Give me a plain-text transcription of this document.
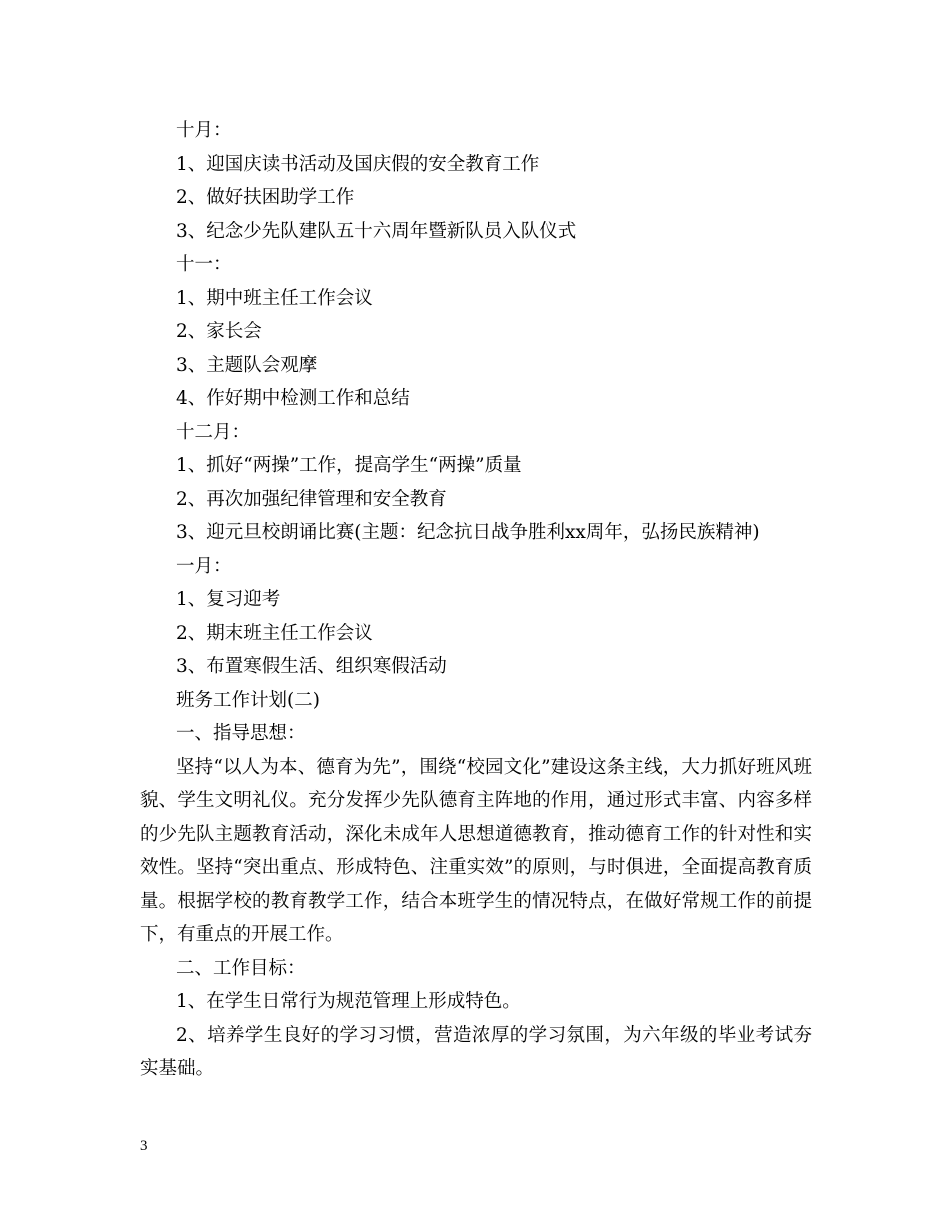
十月：
1、迎国庆读书活动及国庆假的安全教育工作
2、做好扶困助学工作
3、纪念少先队建队五十六周年暨新队员入队仪式
十一：
1、期中班主任工作会议
2、家长会
3、主题队会观摩
4、作好期中检测工作和总结
十二月：
1、抓好“两操”工作，提高学生“两操”质量
2、再次加强纪律管理和安全教育
3、迎元旦校朗诵比赛(主题：纪念抗日战争胜利xx周年，弘扬民族精神)
一月：
1、复习迎考
2、期末班主任工作会议
3、布置寒假生活、组织寒假活动
班务工作计划(二)
一、指导思想：

坚持“以人为本、德育为先”，围绕“校园文化”建设这条主线，大力抓好班风班貌、学生文明礼仪。充分发挥少先队德育主阵地的作用，通过形式丰富、内容多样的少先队主题教育活动，深化未成年人思想道德教育，推动德育工作的针对性和实效性。坚持“突出重点、形成特色、注重实效”的原则，与时俱进，全面提高教育质量。根据学校的教育教学工作，结合本班学生的情况特点，在做好常规工作的前提下，有重点的开展工作。

二、工作目标：
1、在学生日常行为规范管理上形成特色。

2、培养学生良好的学习习惯，营造浓厚的学习氛围，为六年级的毕业考试夯实基础。

3
